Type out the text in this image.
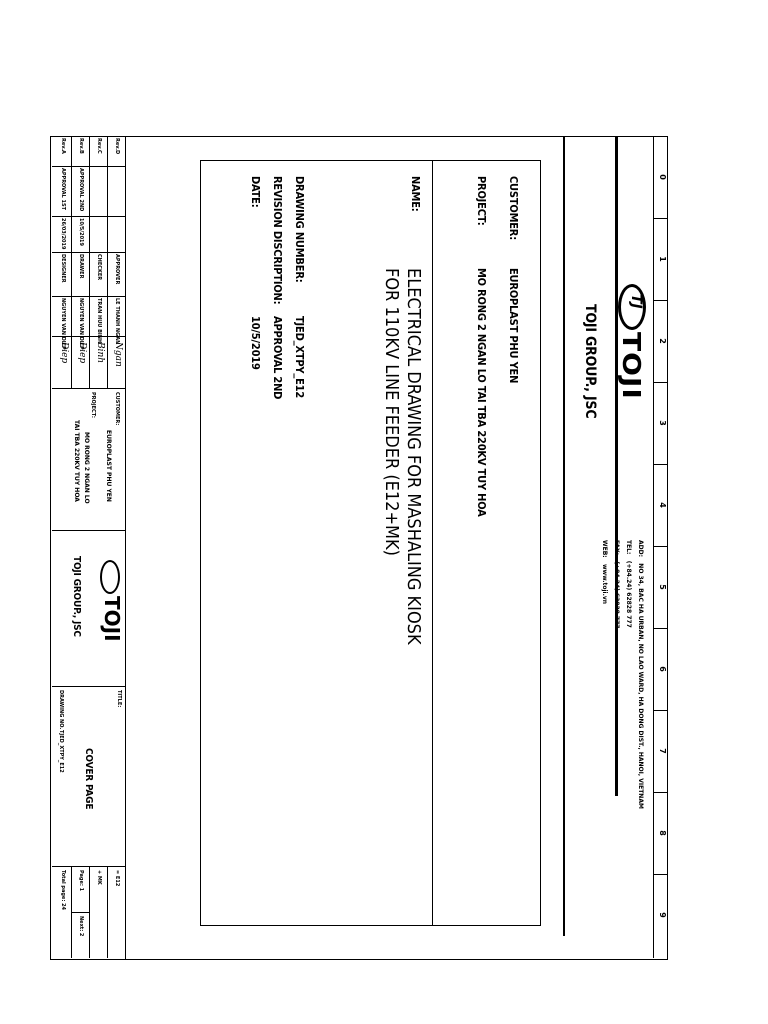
0
1
2
3
4
5
6
7
8
9
TJ
TOJI
TOJI GROUP., JSC
ADD:   NO 34, BAC HA URBAN, NO LAO WARD, HA DONG DIST., HANOI, VIETNAM
TEL:   (+84.24) 62828 777
FAX:   (+84.24) 62828 777
WEB:   www.toji.vn
CUSTOMER:
EUROPLAST PHU YEN
PROJECT:
MO RONG 2 NGAN LO TAI TBA 220KV TUY HOA
NAME:
ELECTRICAL DRAWING FOR MASHALING KIOSK
FOR 110KV LINE FEEDER (E12+MK)
DRAWING NUMBER:
TJED_XTPY_E12
REVISION DISCRIPTION:
APPROVAL 2ND
DATE:
10/5/2019
Rev.D
Rev.C
Rev.B
APPROVAL 2ND
10/5/2019
Rev.A
APPROVAL 1ST
26/03/2019
APPROVER
LE THANH NGAN
Ngan
CHECKER
TRAN HUU BINH
Binh
DRAWER
NGUYEN VAN DIEP
Diep
DESIGNER
NGUYEN VAN DIEP
Diep
CUSTOMER:
EUROPLAST PHU YEN
PROJECT:
MO RONG 2 NGAN LO
TAI TBA 220KV TUY HOA
TOJI
TOJI GROUP., JSC
TITLE:
COVER PAGE
DRAWING NO.
TJED_XTPY_E12
= E12
+ MK
Page: 1
Next: 2
Total page: 24
